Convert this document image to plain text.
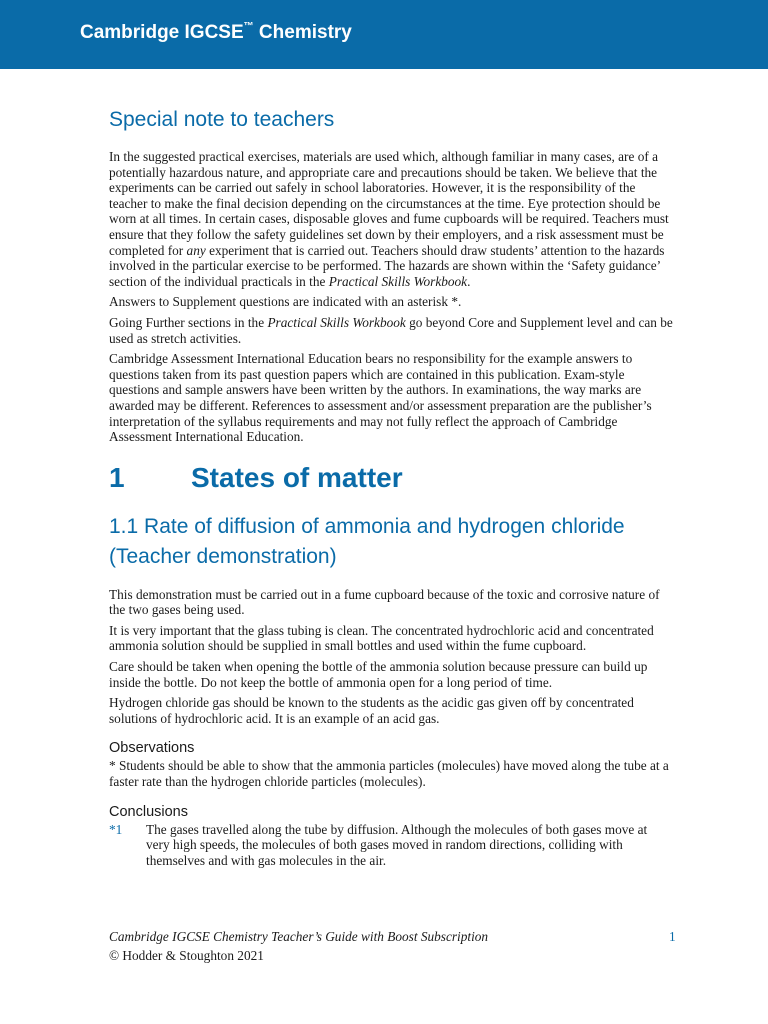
Cambridge IGCSE™ Chemistry
Special note to teachers

In the suggested practical exercises, materials are used which, although familiar in many cases, are of a potentially hazardous nature, and appropriate care and precautions should be taken. We believe that the experiments can be carried out safely in school laboratories. However, it is the responsibility of the teacher to make the final decision depending on the circumstances at the time. Eye protection should be worn at all times. In certain cases, disposable gloves and fume cupboards will be required. Teachers must ensure that they follow the safety guidelines set down by their employers, and a risk assessment must be completed for any experiment that is carried out. Teachers should draw students’ attention to the hazards involved in the particular exercise to be performed. The hazards are shown within the ‘Safety guidance’ section of the individual practicals in the Practical Skills Workbook.

Answers to Supplement questions are indicated with an asterisk *.

Going Further sections in the Practical Skills Workbook go beyond Core and Supplement level and can be used as stretch activities.

Cambridge Assessment International Education bears no responsibility for the example answers to questions taken from its past question papers which are contained in this publication. Exam-style questions and sample answers have been written by the authors. In examinations, the way marks are awarded may be different. References to assessment and/or assessment preparation are the publisher’s interpretation of the syllabus requirements and may not fully reflect the approach of Cambridge Assessment International Education.

1	States of matter
1.1 Rate of diffusion of ammonia and hydrogen chloride (Teacher demonstration)

This demonstration must be carried out in a fume cupboard because of the toxic and corrosive nature of the two gases being used.

It is very important that the glass tubing is clean. The concentrated hydrochloric acid and concentrated ammonia solution should be supplied in small bottles and used within the fume cupboard.

Care should be taken when opening the bottle of the ammonia solution because pressure can build up inside the bottle. Do not keep the bottle of ammonia open for a long period of time.

Hydrogen chloride gas should be known to the students as the acidic gas given off by concentrated solutions of hydrochloric acid. It is an example of an acid gas.

Observations

* Students should be able to show that the ammonia particles (molecules) have moved along the tube at a faster rate than the hydrogen chloride particles (molecules).

Conclusions
*1	The gases travelled along the tube by diffusion. Although the molecules of both gases move at very high speeds, the molecules of both gases moved in random directions, colliding with themselves and with gas molecules in the air.

Cambridge IGCSE Chemistry Teacher’s Guide with Boost Subscription	1
© Hodder & Stoughton 2021
